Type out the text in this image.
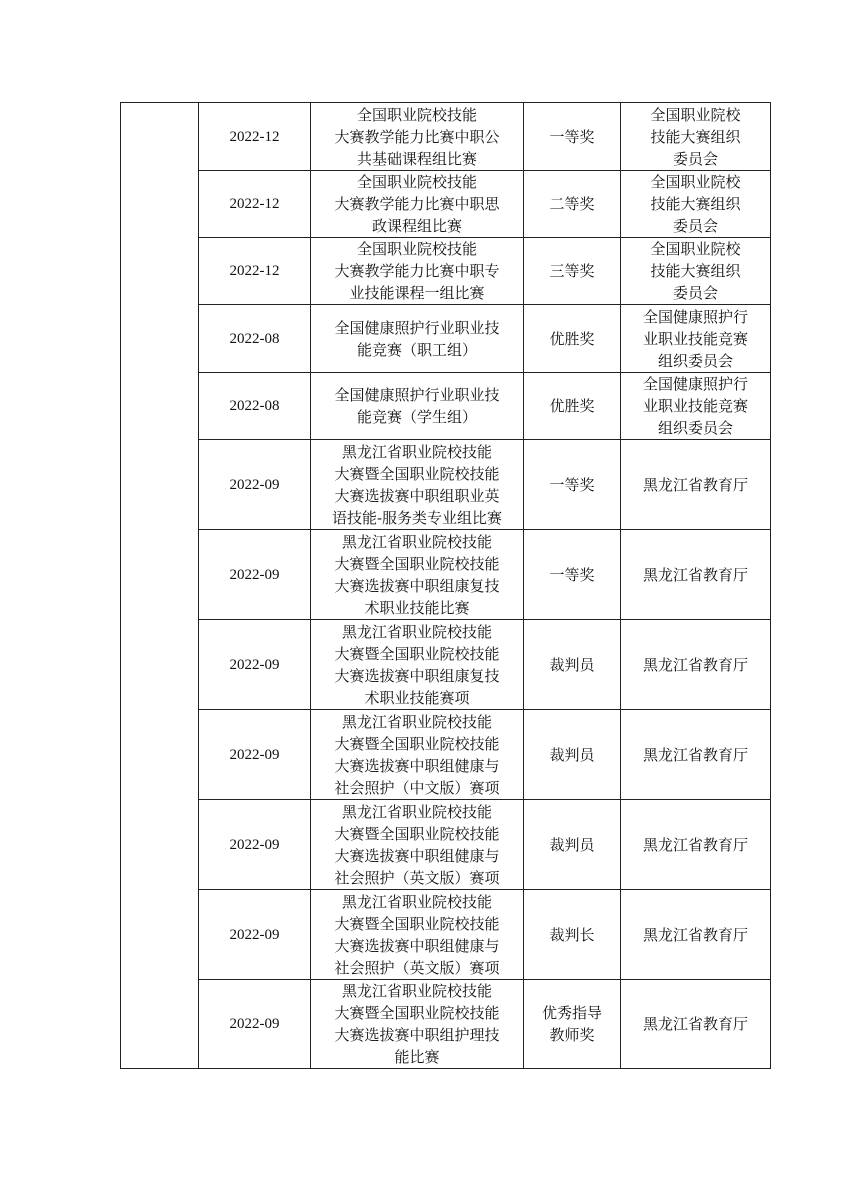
	2022-12	全国职业院校技能
大赛教学能力比赛中职公
共基础课程组比赛	一等奖	全国职业院校
技能大赛组织
委员会

	2022-12	全国职业院校技能
大赛教学能力比赛中职思
政课程组比赛	二等奖	全国职业院校
技能大赛组织
委员会

	2022-12	全国职业院校技能
大赛教学能力比赛中职专
业技能课程一组比赛	三等奖	全国职业院校
技能大赛组织
委员会

	2022-08	全国健康照护行业职业技
能竞赛（职工组）	优胜奖	全国健康照护行
业职业技能竞赛
组织委员会

	2022-08	全国健康照护行业职业技
能竞赛（学生组）	优胜奖	全国健康照护行
业职业技能竞赛
组织委员会

	2022-09	黑龙江省职业院校技能
大赛暨全国职业院校技能
大赛选拔赛中职组职业英
语技能-服务类专业组比赛	一等奖	黑龙江省教育厅

	2022-09	黑龙江省职业院校技能
大赛暨全国职业院校技能
大赛选拔赛中职组康复技
术职业技能比赛	一等奖	黑龙江省教育厅

	2022-09	黑龙江省职业院校技能
大赛暨全国职业院校技能
大赛选拔赛中职组康复技
术职业技能赛项	裁判员	黑龙江省教育厅

	2022-09	黑龙江省职业院校技能
大赛暨全国职业院校技能
大赛选拔赛中职组健康与
社会照护（中文版）赛项	裁判员	黑龙江省教育厅

	2022-09	黑龙江省职业院校技能
大赛暨全国职业院校技能
大赛选拔赛中职组健康与
社会照护（英文版）赛项	裁判员	黑龙江省教育厅

	2022-09	黑龙江省职业院校技能
大赛暨全国职业院校技能
大赛选拔赛中职组健康与
社会照护（英文版）赛项	裁判长	黑龙江省教育厅

	2022-09	黑龙江省职业院校技能
大赛暨全国职业院校技能
大赛选拔赛中职组护理技
能比赛	优秀指导
教师奖	黑龙江省教育厅
